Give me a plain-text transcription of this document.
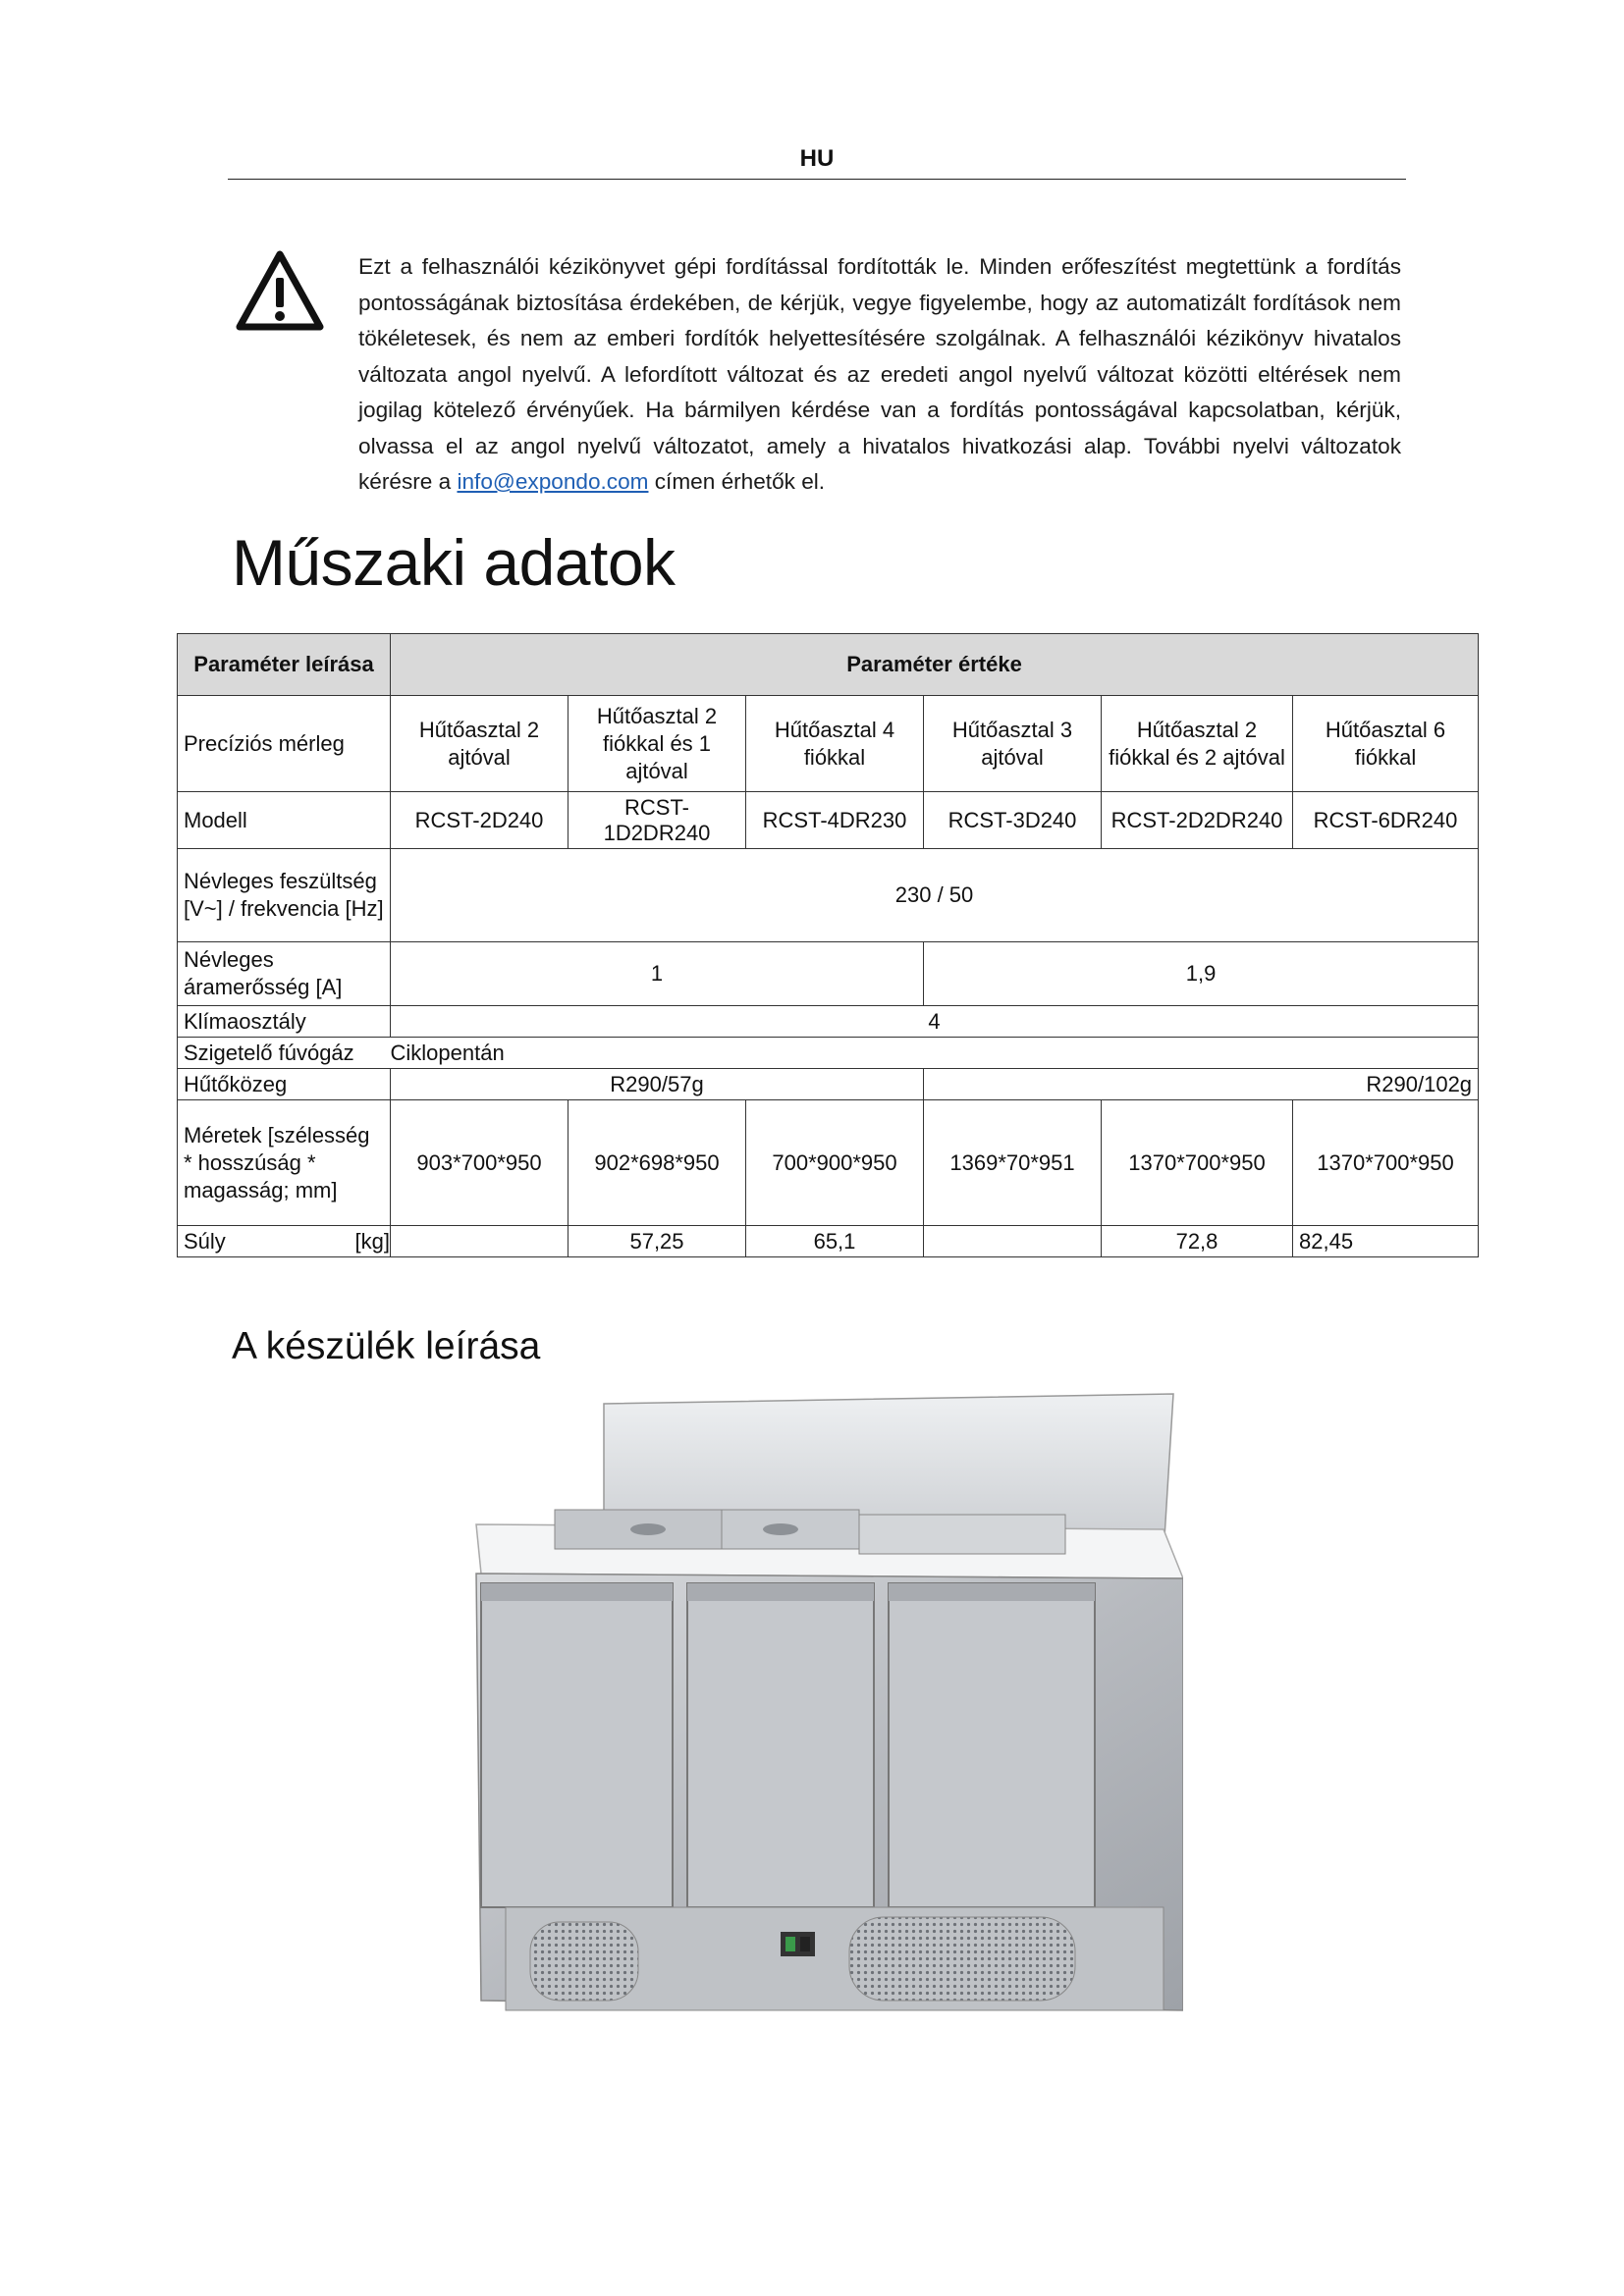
HU

Ezt a felhasználói kézikönyvet gépi fordítással fordították le. Minden erőfeszítést megtettünk a fordítás pontosságának biztosítása érdekében, de kérjük, vegye figyelembe, hogy az automatizált fordítások nem tökéletesek, és nem az emberi fordítók helyettesítésére szolgálnak. A felhasználói kézikönyv hivatalos változata angol nyelvű. A lefordított változat és az eredeti angol nyelvű változat közötti eltérések nem jogilag kötelező érvényűek. Ha bármilyen kérdése van a fordítás pontosságával kapcsolatban, kérjük, olvassa el az angol nyelvű változatot, amely a hivatalos hivatkozási alap. További nyelvi változatok kérésre a info@expondo.com címen érhetők el.

Műszaki adatok
Paraméter leírása	Paraméter értéke					
Precíziós mérleg	Hűtőasztal 2 ajtóval	Hűtőasztal 2 fiókkal és 1 ajtóval	Hűtőasztal 4 fiókkal	Hűtőasztal 3 ajtóval	Hűtőasztal 2 fiókkal és 2 ajtóval	Hűtőasztal 6 fiókkal
Modell	RCST-2D240	RCST-1D2DR240	RCST-4DR230	RCST-3D240	RCST-2D2DR240	RCST-6DR240
Névleges feszültség [V~] / frekvencia [Hz]	230 / 50					
Névleges áramerősség [A]	1			1,9		
Klímaosztály	4					
Szigetelő fúvógáz	Ciklopentán					
Hűtőközeg	R290/57g			R290/102g		
Méretek [szélesség * hosszúság * magasság; mm]	903*700*950	902*698*950	700*900*950	1369*70*951	1370*700*950	1370*700*950
Súly [kg]		57,25	65,1		72,8	82,45
A készülék leírása
